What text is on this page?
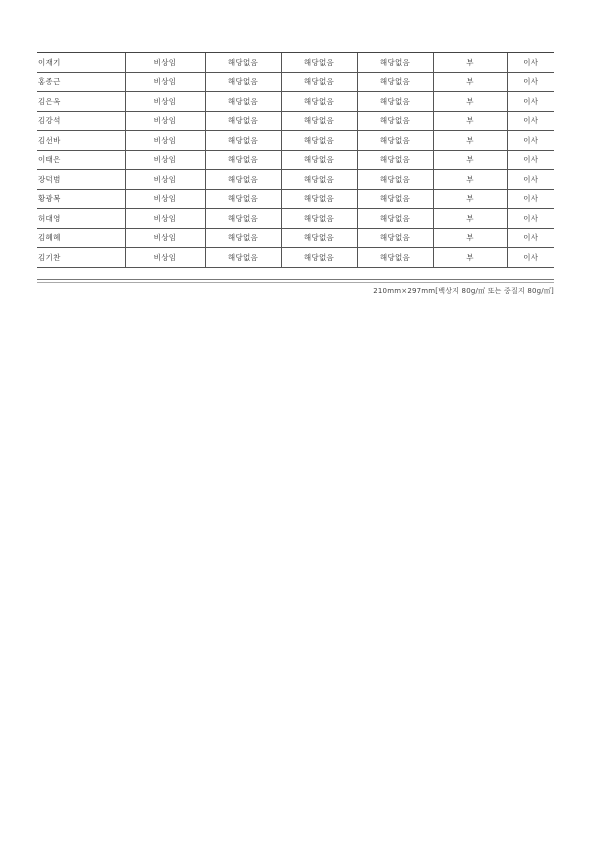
이재기	비상임	해당없음	해당없음	해당없음	부	이사
홍종근	비상임	해당없음	해당없음	해당없음	부	이사
김은옥	비상임	해당없음	해당없음	해당없음	부	이사
김강석	비상임	해당없음	해당없음	해당없음	부	이사
김선바	비상임	해당없음	해당없음	해당없음	부	이사
이태은	비상임	해당없음	해당없음	해당없음	부	이사
장덕범	비상임	해당없음	해당없음	해당없음	부	이사
황광복	비상임	해당없음	해당없음	해당없음	부	이사
허대영	비상임	해당없음	해당없음	해당없음	부	이사
김혜혜	비상임	해당없음	해당없음	해당없음	부	이사
김기찬	비상임	해당없음	해당없음	해당없음	부	이사
210mm×297mm[백상지 80g/㎡ 또는 중질지 80g/㎡]
